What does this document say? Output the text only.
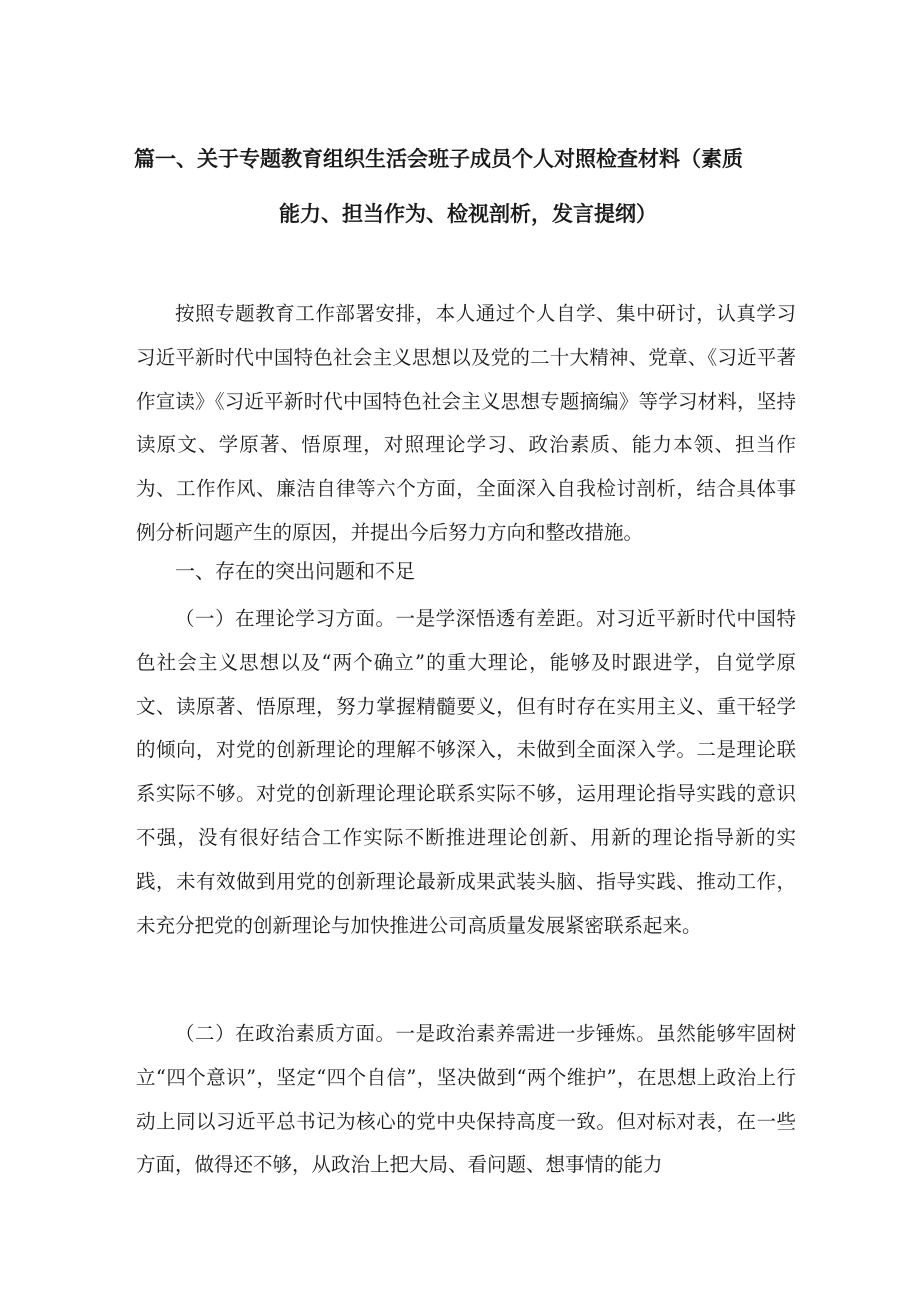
篇一、关于专题教育组织生活会班子成员个人对照检查材料（素质
能力、担当作为、检视剖析，发言提纲）

按照专题教育工作部署安排，本人通过个人自学、集中研讨，认真学习习近平新时代中国特色社会主义思想以及党的二十大精神、党章、《习近平著作宣读》《习近平新时代中国特色社会主义思想专题摘编》等学习材料，坚持读原文、学原著、悟原理，对照理论学习、政治素质、能力本领、担当作为、工作作风、廉洁自律等六个方面，全面深入自我检讨剖析，结合具体事例分析问题产生的原因，并提出今后努力方向和整改措施。

一、存在的突出问题和不足

（一）在理论学习方面。一是学深悟透有差距。对习近平新时代中国特色社会主义思想以及“两个确立”的重大理论，能够及时跟进学，自觉学原文、读原著、悟原理，努力掌握精髓要义，但有时存在实用主义、重干轻学的倾向，对党的创新理论的理解不够深入，未做到全面深入学。二是理论联系实际不够。对党的创新理论理论联系实际不够，运用理论指导实践的意识不强，没有很好结合工作实际不断推进理论创新、用新的理论指导新的实践，未有效做到用党的创新理论最新成果武装头脑、指导实践、推动工作，未充分把党的创新理论与加快推进公司高质量发展紧密联系起来。

（二）在政治素质方面。一是政治素养需进一步锤炼。虽然能够牢固树立“四个意识”，坚定“四个自信”，坚决做到“两个维护”，在思想上政治上行动上同以习近平总书记为核心的党中央保持高度一致。但对标对表，在一些方面，做得还不够，从政治上把大局、看问题、想事情的能力
